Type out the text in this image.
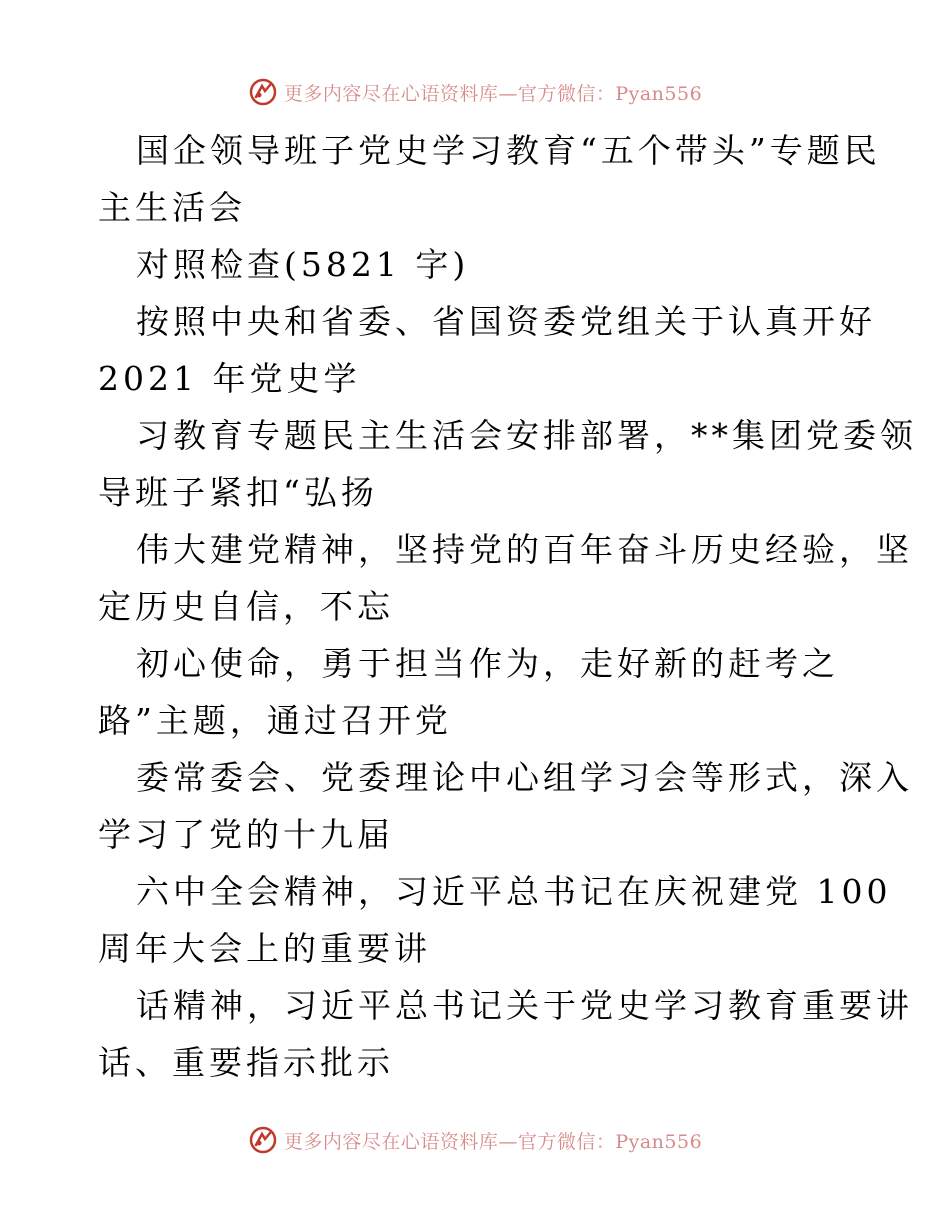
更多内容尽在心语资料库—官方微信：Pyan556
国企领导班子党史学习教育“五个带头”专题民
主生活会
对照检查(5821 字)
按照中央和省委、省国资委党组关于认真开好
2021 年党史学
习教育专题民主生活会安排部署，**集团党委领
导班子紧扣“弘扬
伟大建党精神，坚持党的百年奋斗历史经验，坚
定历史自信，不忘
初心使命，勇于担当作为，走好新的赶考之
路”主题，通过召开党
委常委会、党委理论中心组学习会等形式，深入
学习了党的十九届
六中全会精神，习近平总书记在庆祝建党 100
周年大会上的重要讲
话精神，习近平总书记关于党史学习教育重要讲
话、重要指示批示
更多内容尽在心语资料库—官方微信：Pyan556
